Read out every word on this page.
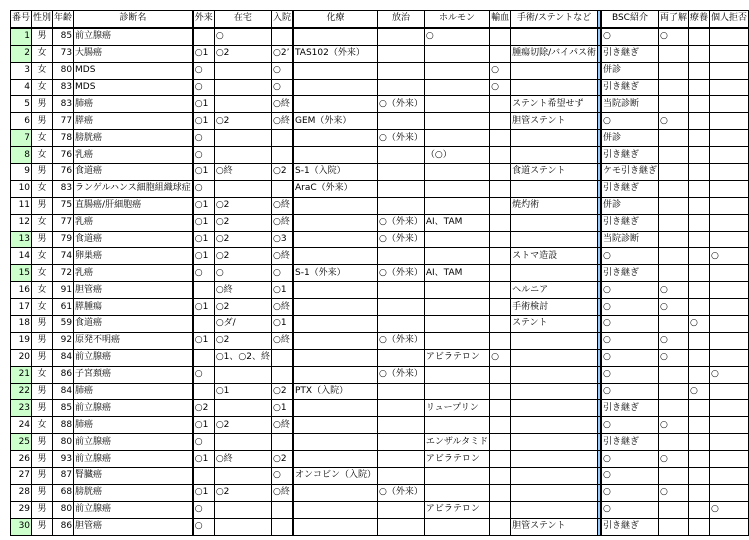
番号	性別	年齢	診断名	外来	在宅	入院	化療	放治	ホルモン	輸血	手術/ステントなど		BSC紹介	両了解	療養	個人拒否
1	男	85	前立腺癌		○				○				○	○		
2	女	73	大腸癌	○1	○2	○2’	TAS102（外来）				腫瘍切除/バイパス術		引き継ぎ			
3	女	80	MDS	○		○				○			併診			
4	女	83	MDS	○		○				○			引き継ぎ			
5	男	83	肺癌	○1		○終		○（外来）			ステント希望せず		当院診断			
6	男	77	膵癌	○1	○2	○終	GEM（外来）				胆管ステント		○	○		
7	女	78	膀胱癌	○				○（外来）					併診			
8	女	76	乳癌	○					（○）				引き継ぎ			
9	男	76	食道癌	○1	○終	○2	S-1（入院）				食道ステント		ケモ引き継ぎ			
10	女	83	ランゲルハンス細胞組織球症	○			AraC（外来）						引き継ぎ			
11	男	75	直腸癌/肝細胞癌	○1	○2	○終					焼灼術		併診			
12	女	77	乳癌	○1	○2	○終		○（外来）	AI、TAM				引き継ぎ			
13	男	79	食道癌	○1	○2	○3		○（外来）					当院診断			
14	女	74	卵巣癌	○1	○2	○終					ストマ造設		○			○
15	女	72	乳癌	○	○	○	S-1（外来）	○（外来）	AI、TAM				引き継ぎ			
16	女	91	胆管癌		○終	○1					ヘルニア		○	○		
17	女	61	膵腫瘍	○1	○2	○終					手術検討		○	○		
18	男	59	食道癌		○ダ/	○1					ステント		○		○	
19	男	92	原発不明癌	○1	○2	○終		○（外来）					○	○		
20	男	84	前立腺癌		○1、○2、終				アビラテロン	○			○	○		
21	女	86	子宮頚癌	○				○（外来）					○			○
22	男	84	肺癌		○1	○2	PTX（入院）						○		○	
23	男	85	前立腺癌	○2		○1			リュープリン				引き継ぎ			
24	女	88	肺癌	○1	○2	○終							○	○		
25	男	80	前立腺癌	○					エンザルタミド				引き継ぎ			
26	男	93	前立腺癌	○1	○終	○2			アビラテロン				○	○		
27	男	87	腎臓癌			○	オンコビン（入院）						○			
28	男	68	膀胱癌	○1	○2	○終		○（外来）					○	○		
29	男	80	前立腺癌	○					アビラテロン				○			○
30	男	86	胆管癌	○							胆管ステント		引き継ぎ			
